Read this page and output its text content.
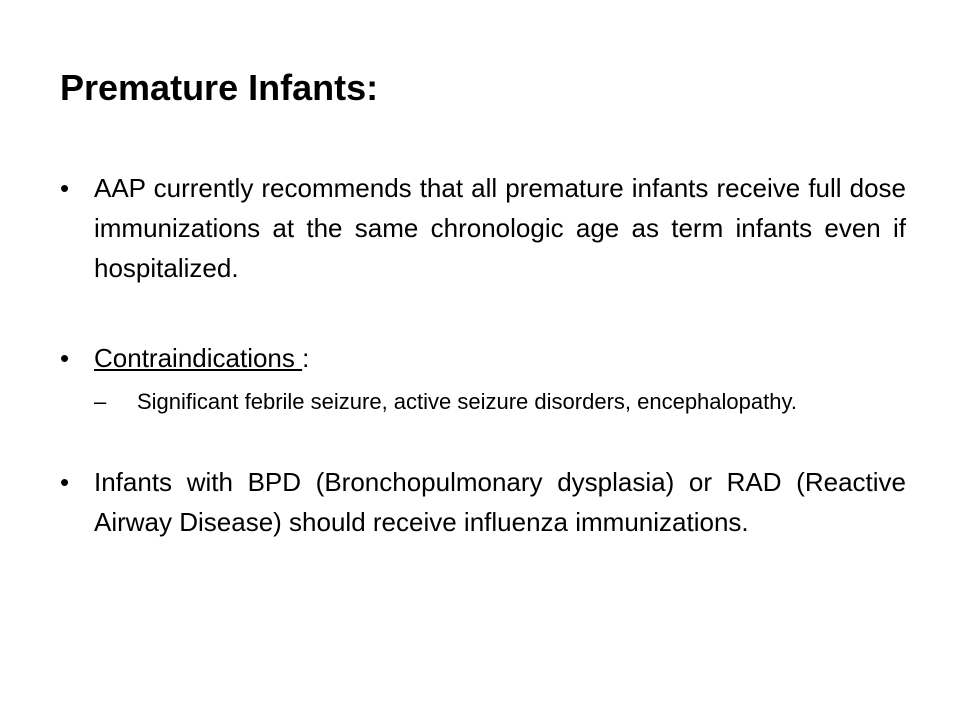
Premature Infants:
• AAP currently recommends that all premature infants receive full dose immunizations at the same chronologic age as term infants even if hospitalized.
• Contraindications :
– Significant febrile seizure, active seizure disorders, encephalopathy.
• Infants with BPD (Bronchopulmonary dysplasia) or RAD (Reactive Airway Disease) should receive influenza immunizations.
